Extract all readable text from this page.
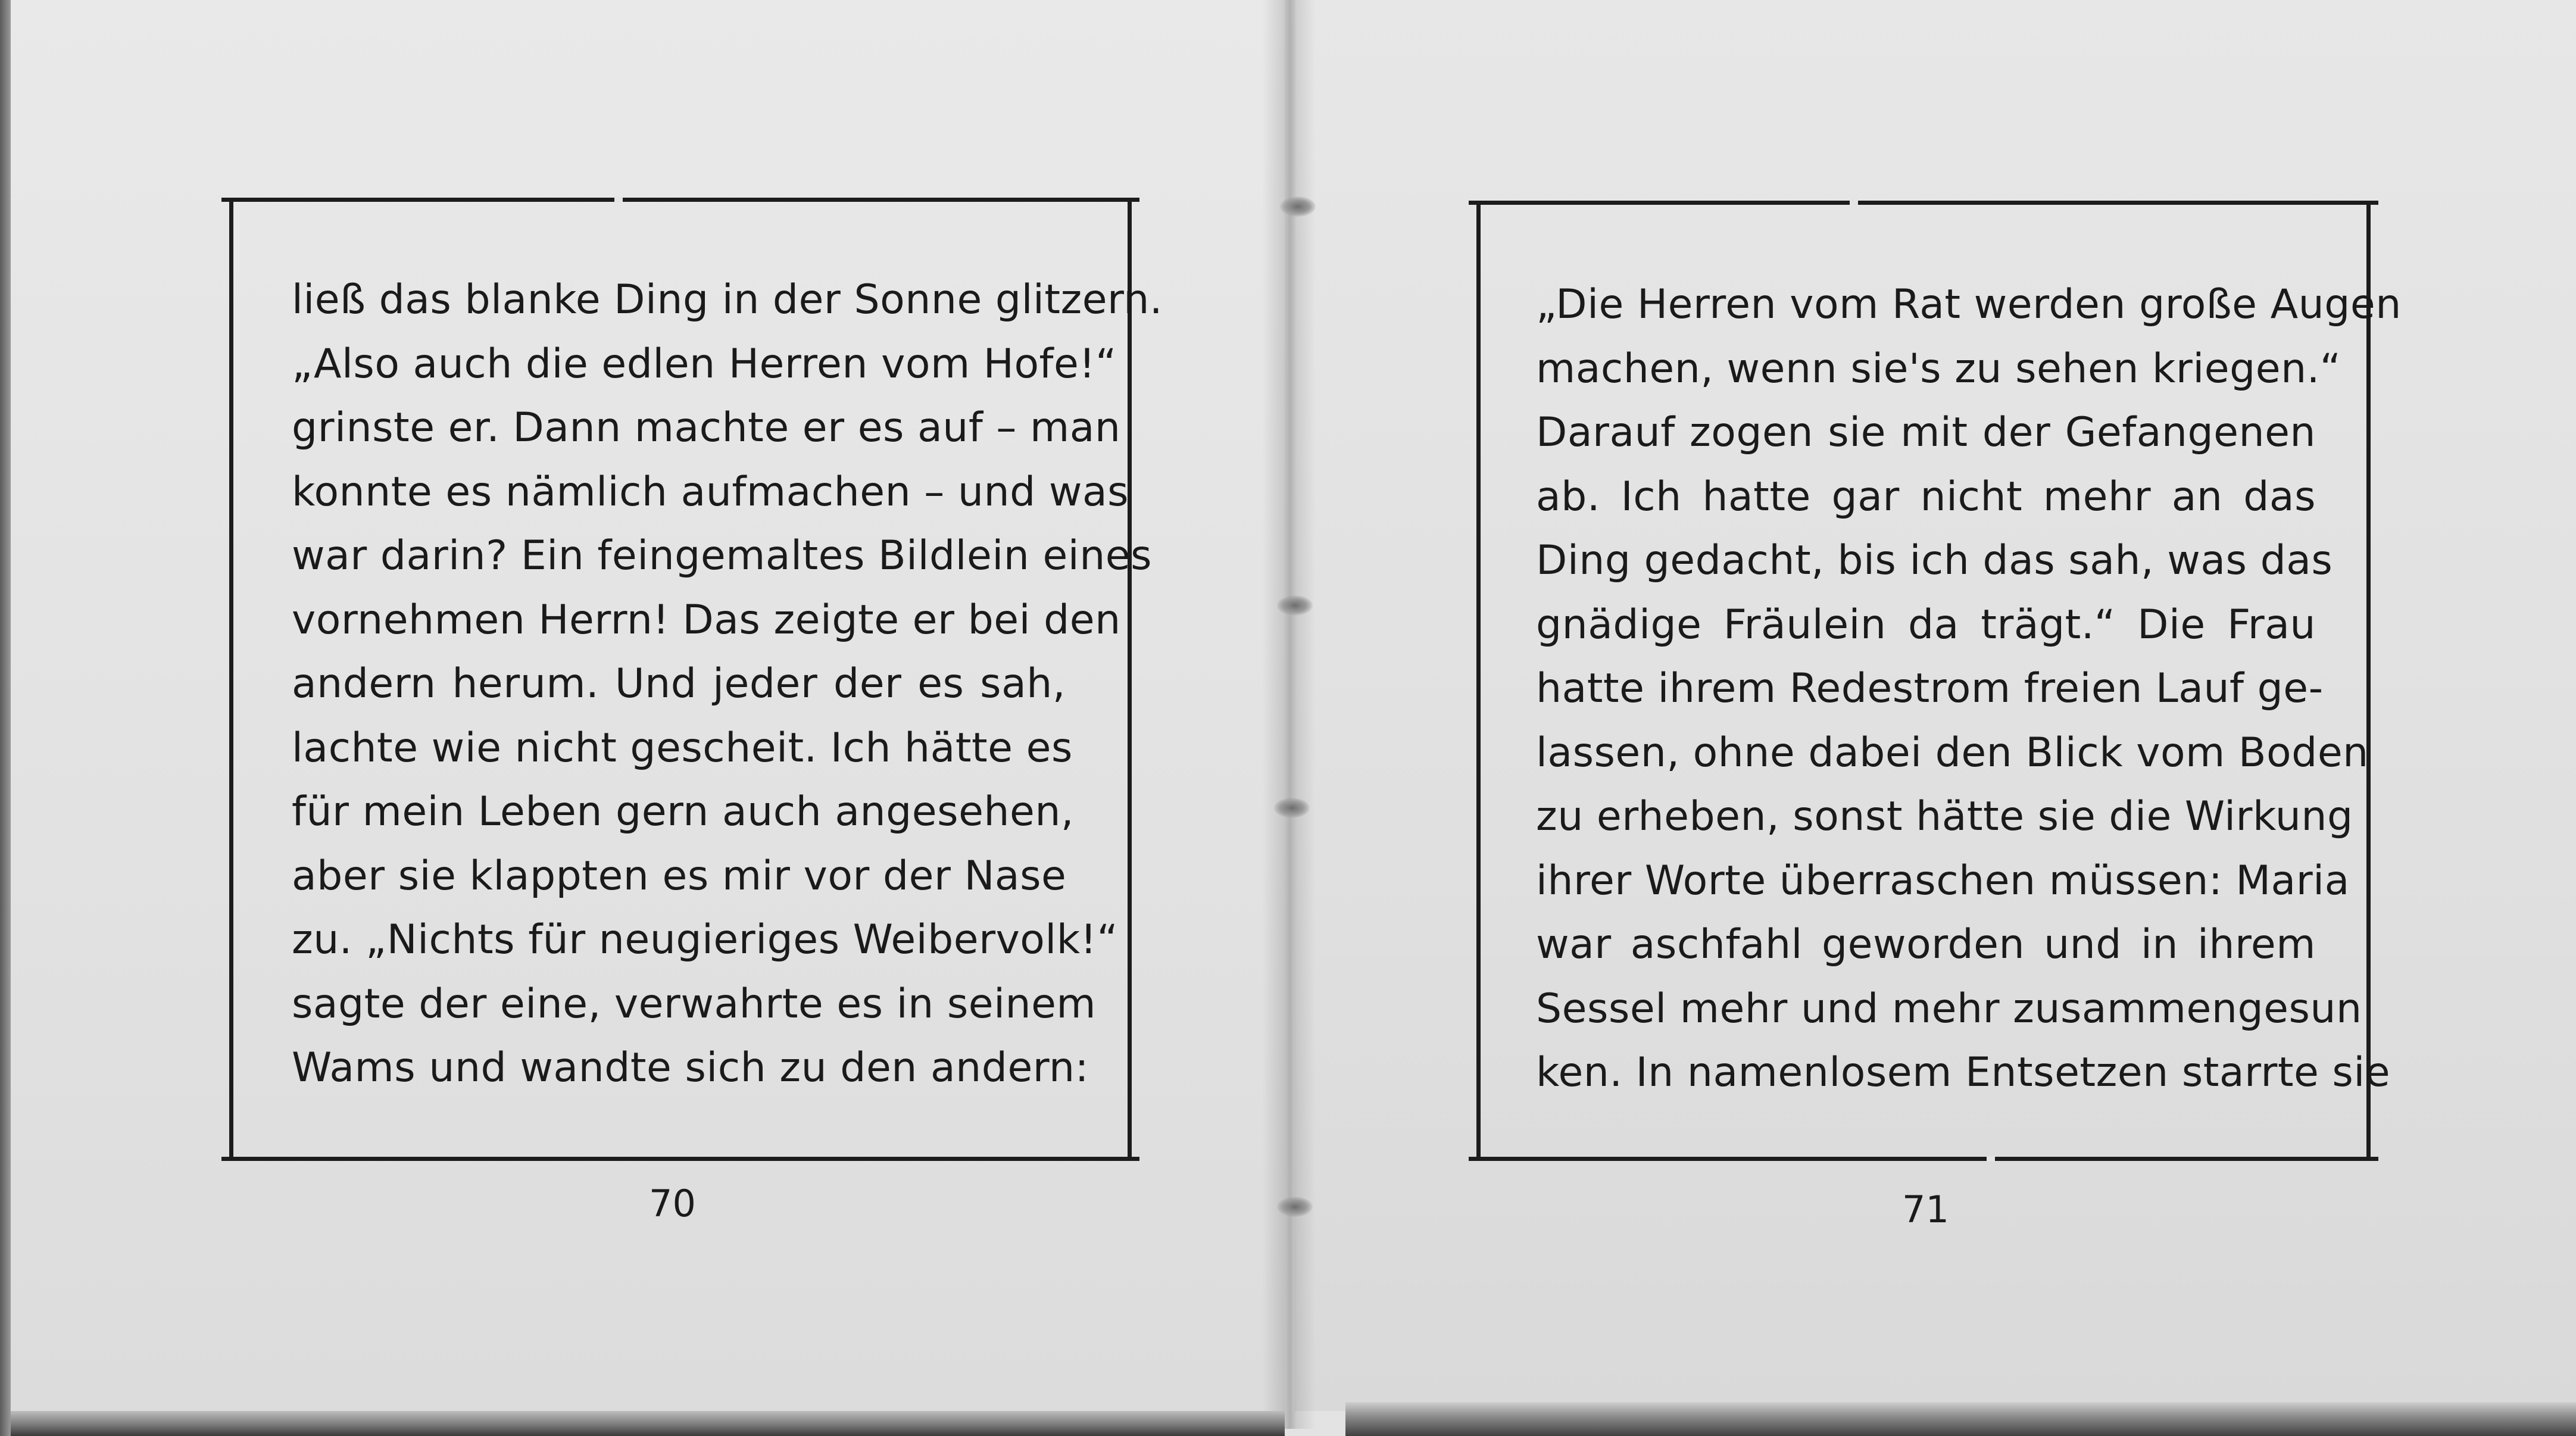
ließ das blanke Ding in der Sonne glitzern.
„Also auch die edlen Herren vom Hofe!“
grinste er. Dann machte er es auf – man
konnte es nämlich aufmachen – und was
war darin? Ein feingemaltes Bildlein eines
vornehmen Herrn! Das zeigte er bei den
andern herum. Und jeder der es sah,
lachte wie nicht gescheit. Ich hätte es
für mein Leben gern auch angesehen,
aber sie klappten es mir vor der Nase
zu. „Nichts für neugieriges Weibervolk!“
sagte der eine, verwahrte es in seinem
Wams und wandte sich zu den andern:
„Die Herren vom Rat werden große Augen
machen, wenn sie's zu sehen kriegen.“
Darauf zogen sie mit der Gefangenen
ab. Ich hatte gar nicht mehr an das
Ding gedacht, bis ich das sah, was das
gnädige Fräulein da trägt.“ Die Frau
hatte ihrem Redestrom freien Lauf ge-
lassen, ohne dabei den Blick vom Boden
zu erheben, sonst hätte sie die Wirkung
ihrer Worte überraschen müssen: Maria
war aschfahl geworden und in ihrem
Sessel mehr und mehr zusammengesun
ken. In namenlosem Entsetzen starrte sie
70	71
